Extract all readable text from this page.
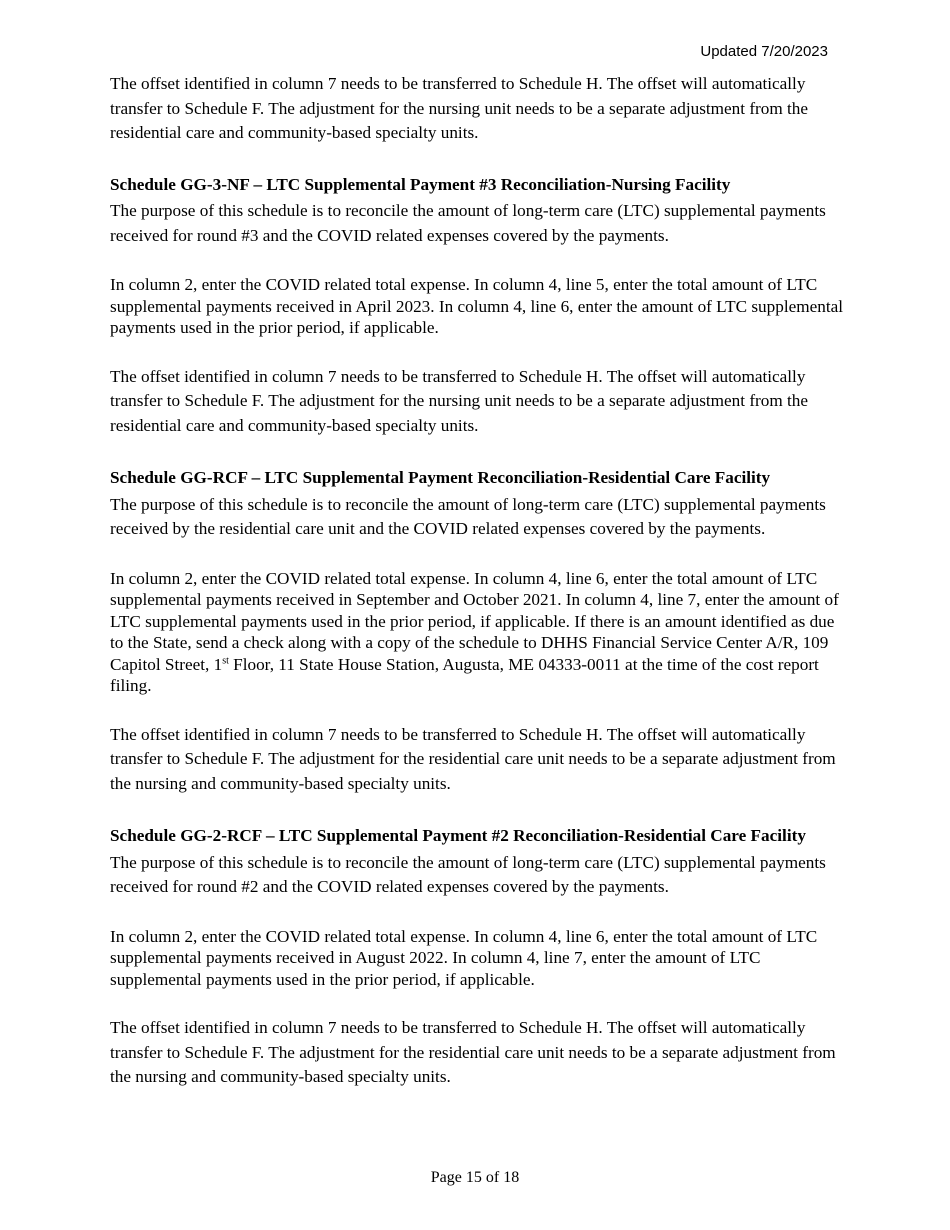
Updated 7/20/2023

The offset identified in column 7 needs to be transferred to Schedule H. The offset will automatically transfer to Schedule F. The adjustment for the nursing unit needs to be a separate adjustment from the residential care and community-based specialty units.

Schedule GG-3-NF – LTC Supplemental Payment #3 Reconciliation-Nursing Facility

The purpose of this schedule is to reconcile the amount of long-term care (LTC) supplemental payments received for round #3 and the COVID related expenses covered by the payments.

In column 2, enter the COVID related total expense. In column 4, line 5, enter the total amount of LTC supplemental payments received in April 2023. In column 4, line 6, enter the amount of LTC supplemental payments used in the prior period, if applicable.

The offset identified in column 7 needs to be transferred to Schedule H. The offset will automatically transfer to Schedule F. The adjustment for the nursing unit needs to be a separate adjustment from the residential care and community-based specialty units.

Schedule GG-RCF – LTC Supplemental Payment Reconciliation-Residential Care Facility

The purpose of this schedule is to reconcile the amount of long-term care (LTC) supplemental payments received by the residential care unit and the COVID related expenses covered by the payments.

In column 2, enter the COVID related total expense. In column 4, line 6, enter the total amount of LTC supplemental payments received in September and October 2021. In column 4, line 7, enter the amount of LTC supplemental payments used in the prior period, if applicable. If there is an amount identified as due to the State, send a check along with a copy of the schedule to DHHS Financial Service Center A/R, 109 Capitol Street, 1st Floor, 11 State House Station, Augusta, ME 04333-0011 at the time of the cost report filing.

The offset identified in column 7 needs to be transferred to Schedule H. The offset will automatically transfer to Schedule F. The adjustment for the residential care unit needs to be a separate adjustment from the nursing and community-based specialty units.

Schedule GG-2-RCF – LTC Supplemental Payment #2 Reconciliation-Residential Care Facility

The purpose of this schedule is to reconcile the amount of long-term care (LTC) supplemental payments received for round #2 and the COVID related expenses covered by the payments.

In column 2, enter the COVID related total expense. In column 4, line 6, enter the total amount of LTC supplemental payments received in August 2022. In column 4, line 7, enter the amount of LTC supplemental payments used in the prior period, if applicable.

The offset identified in column 7 needs to be transferred to Schedule H. The offset will automatically transfer to Schedule F. The adjustment for the residential care unit needs to be a separate adjustment from the nursing and community-based specialty units.

Page 15 of 18
